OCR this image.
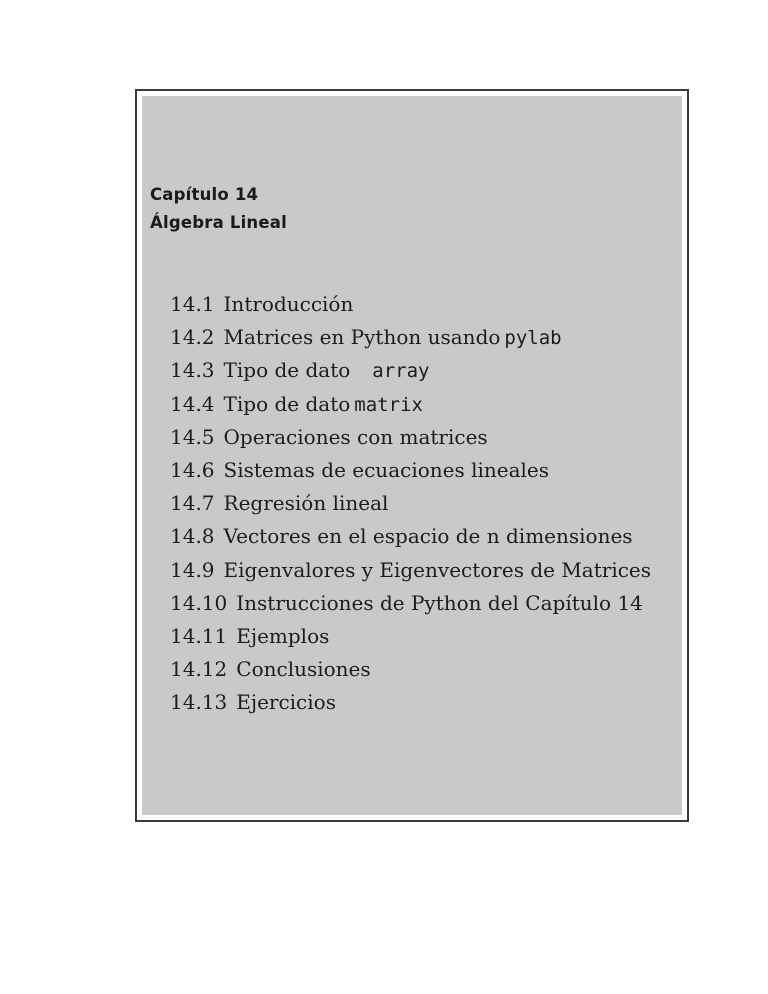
Capítulo 14
Álgebra Lineal
14.1 Introducción
14.2 Matrices en Python usando pylab
14.3 Tipo de dato array
14.4 Tipo de dato matrix
14.5 Operaciones con matrices
14.6 Sistemas de ecuaciones lineales
14.7 Regresión lineal
14.8 Vectores en el espacio de n dimensiones
14.9 Eigenvalores y Eigenvectores de Matrices
14.10 Instrucciones de Python del Capítulo 14
14.11 Ejemplos
14.12 Conclusiones
14.13 Ejercicios
